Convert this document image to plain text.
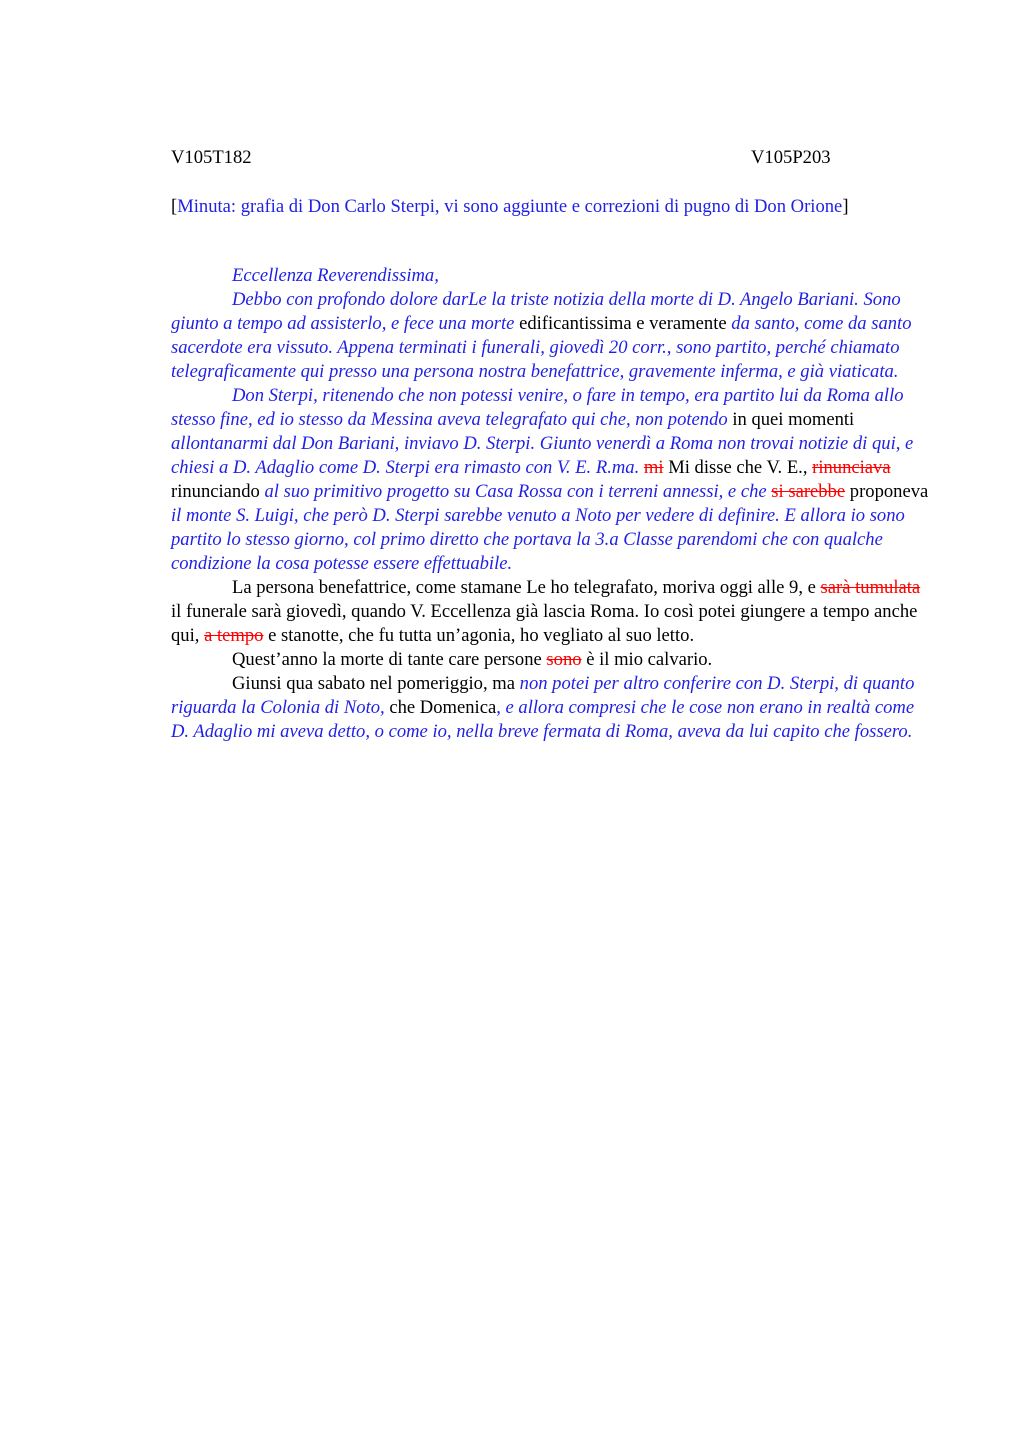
V105T182	V105P203
[Minuta: grafia di Don Carlo Sterpi, vi sono aggiunte e correzioni di pugno di Don Orione]

Eccellenza Reverendissima,

Debbo con profondo dolore darLe la triste notizia della morte di D. Angelo Bariani. Sono giunto a tempo ad assisterlo, e fece una morte edificantissima e veramente da santo, come da santo sacerdote era vissuto. Appena terminati i funerali, giovedì 20 corr., sono partito, perché chiamato telegraficamente qui presso una persona nostra benefattrice, gravemente inferma, e già viaticata.

Don Sterpi, ritenendo che non potessi venire, o fare in tempo, era partito lui da Roma allo stesso fine, ed io stesso da Messina aveva telegrafato qui che, non potendo in quei momenti allontanarmi dal Don Bariani, inviavo D. Sterpi. Giunto venerdì a Roma non trovai notizie di qui, e chiesi a D. Adaglio come D. Sterpi era rimasto con V. E. R.ma. mi Mi disse che V. E., rinunciava rinunciando al suo primitivo progetto su Casa Rossa con i terreni annessi, e che si sarebbe proponeva il monte S. Luigi, che però D. Sterpi sarebbe venuto a Noto per vedere di definire. E allora io sono partito lo stesso giorno, col primo diretto che portava la 3.a Classe parendomi che con qualche condizione la cosa potesse essere effettuabile.

La persona benefattrice, come stamane Le ho telegrafato, moriva oggi alle 9, e sarà tumulata il funerale sarà giovedì, quando V. Eccellenza già lascia Roma. Io così potei giungere a tempo anche qui, a tempo e stanotte, che fu tutta un’agonia, ho vegliato al suo letto.

Quest’anno la morte di tante care persone sono è il mio calvario.

Giunsi qua sabato nel pomeriggio, ma non potei per altro conferire con D. Sterpi, di quanto riguarda la Colonia di Noto, che Domenica, e allora compresi che le cose non erano in realtà come D. Adaglio mi aveva detto, o come io, nella breve fermata di Roma, aveva da lui capito che fossero.
